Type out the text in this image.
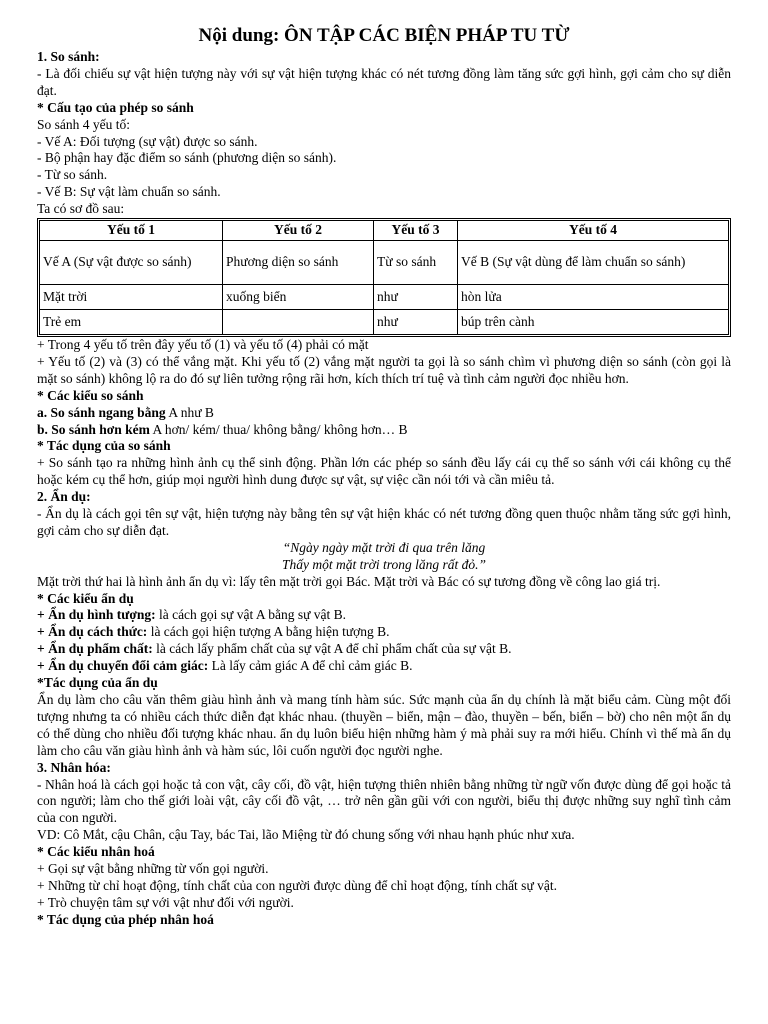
Nội dung: ÔN TẬP CÁC BIỆN PHÁP TU TỪ

1. So sánh:

- Là đối chiếu sự vật hiện tượng này với sự vật hiện tượng khác có nét tương đồng làm tăng sức gợi hình, gợi cảm cho sự diễn đạt.

* Cấu tạo của phép so sánh

So sánh 4 yếu tố:

- Vế A: Đối tượng (sự vật) được so sánh.

- Bộ phận hay đặc điểm so sánh (phương diện so sánh).

- Từ so sánh.

- Vế B: Sự vật làm chuẩn so sánh.

Ta có sơ đồ sau:

Yếu tố 1	Yếu tố 2	Yếu tố 3	Yếu tố 4
Vế A (Sự vật được so sánh)	Phương diện so sánh	Từ so sánh	Vế B (Sự vật dùng để làm chuẩn so sánh)
Mặt trời	xuống biển	như	hòn lửa
Trẻ em		như	búp trên cành

+ Trong 4 yếu tố trên đây yếu tố (1) và yếu tố (4) phải có mặt

+ Yếu tố (2) và (3) có thể vắng mặt. Khi yếu tố (2) vắng mặt người ta gọi là so sánh chìm vì phương diện so sánh (còn gọi là mặt so sánh) không lộ ra do đó sự liên tưởng rộng rãi hơn, kích thích trí tuệ và tình cảm người đọc nhiều hơn.

* Các kiểu so sánh

a. So sánh ngang bằng A như B

b. So sánh hơn kém A hơn/ kém/ thua/ không bằng/ không hơn… B

* Tác dụng của so sánh

+ So sánh tạo ra những hình ảnh cụ thể sinh động. Phần lớn các phép so sánh đều lấy cái cụ thể so sánh với cái không cụ thể hoặc kém cụ thể hơn, giúp mọi người hình dung được sự vật, sự việc cần nói tới và cần miêu tả.

2. Ẩn dụ:

- Ẩn dụ là cách gọi tên sự vật, hiện tượng này bằng tên sự vật hiện khác có nét tương đồng quen thuộc nhằm tăng sức gợi hình, gợi cảm cho sự diễn đạt.

“Ngày ngày mặt trời đi qua trên lăng

Thấy một mặt trời trong lăng rất đỏ.”

Mặt trời thứ hai là hình ảnh ẩn dụ vì: lấy tên mặt trời gọi Bác. Mặt trời và Bác có sự tương đồng về công lao giá trị.

* Các kiểu ẩn dụ

+ Ẩn dụ hình tượng: là cách gọi sự vật A bằng sự vật B.

+ Ẩn dụ cách thức: là cách gọi hiện tượng A bằng hiện tượng B.

+ Ẩn dụ phẩm chất: là cách lấy phẩm chất của sự vật A để chỉ phẩm chất của sự vật B.

+ Ẩn dụ chuyển đổi cảm giác: Là lấy cảm giác A để chỉ cảm giác B.

*Tác dụng của ẩn dụ

Ẩn dụ làm cho câu văn thêm giàu hình ảnh và mang tính hàm súc. Sức mạnh của ẩn dụ chính là mặt biểu cảm. Cùng một đối tượng nhưng ta có nhiều cách thức diễn đạt khác nhau. (thuyền – biển, mận – đào, thuyền – bến, biển – bờ) cho nên một ẩn dụ có thể dùng cho nhiều đối tượng khác nhau. ẩn dụ luôn biểu hiện những hàm ý mà phải suy ra mới hiểu. Chính vì thế mà ẩn dụ làm cho câu văn giàu hình ảnh và hàm súc, lôi cuốn người đọc người nghe.

3. Nhân hóa:

- Nhân hoá là cách gọi hoặc tả con vật, cây cối, đồ vật, hiện tượng thiên nhiên bằng những từ ngữ vốn được dùng để gọi hoặc tả con người; làm cho thế giới loài vật, cây cối đồ vật, … trở nên gần gũi với con người, biểu thị được những suy nghĩ tình cảm của con người.

VD: Cô Mắt, cậu Chân, cậu Tay, bác Tai, lão Miệng từ đó chung sống với nhau hạnh phúc như xưa.

* Các kiểu nhân hoá

+ Gọi sự vật bằng những từ vốn gọi người.

+ Những từ chỉ hoạt động, tính chất của con người được dùng để chỉ hoạt động, tính chất sự vật.

+ Trò chuyện tâm sự với vật như đối với người.

* Tác dụng của phép nhân hoá
